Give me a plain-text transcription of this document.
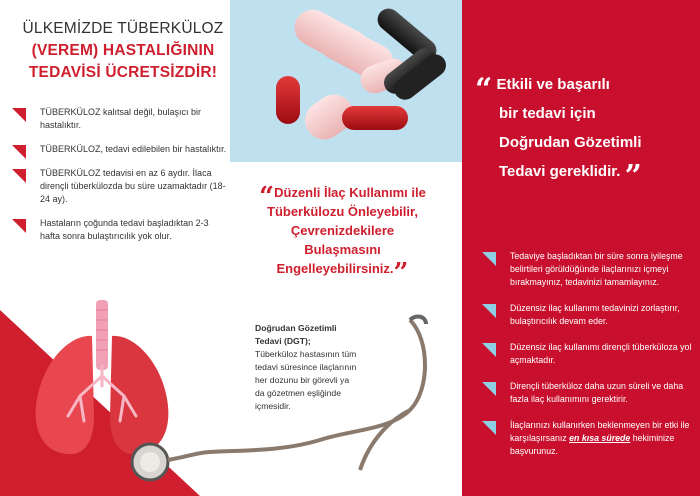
ÜLKEMİZDE TÜBERKÜLOZ
(VEREM) HASTALIĞININ
TEDAVİSİ ÜCRETSİZDİR!
TÜBERKÜLOZ kalıtsal değil, bulaşıcı bir hastalıktır.
TÜBERKÜLOZ, tedavi edilebilen bir hastalıktır.
TÜBERKÜLOZ tedavisi en az 6 aydır. İlaca dirençli tüberkülozda bu süre uzamaktadır (18-24 ay).
Hastaların çoğunda tedavi başladıktan 2-3 hafta sonra bulaştırıcılık yok olur.
“Düzenli İlaç Kullanımı ile
Tüberkülozu Önleyebilir,
Çevrenizdekilere
Bulaşmasını
Engelleyebilirsiniz.”
Doğrudan Gözetimli Tedavi (DGT);
Tüberküloz hastasının tüm tedavi süresince ilaçlarının her dozunu bir görevli ya da gözetmen eşliğinde içmesidir.
“ Etkili ve başarılı
bir tedavi için
Doğrudan Gözetimli
Tedavi gereklidir. ”
Tedaviye başladıktan bir süre sonra iyileşme belirtileri görüldüğünde ilaçlarınızı içmeyi bırakmayınız, tedavinizi tamamlayınız.
Düzensiz ilaç kullanımı tedavinizi zorlaştırır, bulaştırıcılık devam eder.
Düzensiz ilaç kullanımı dirençli tüberküloza yol açmaktadır.
Dirençli tüberküloz daha uzun süreli ve daha fazla ilaç kullanımını gerektirir.
İlaçlarınızı kullanırken beklenmeyen bir etki ile karşılaşırsanız en kısa sürede hekiminize başvurunuz.
